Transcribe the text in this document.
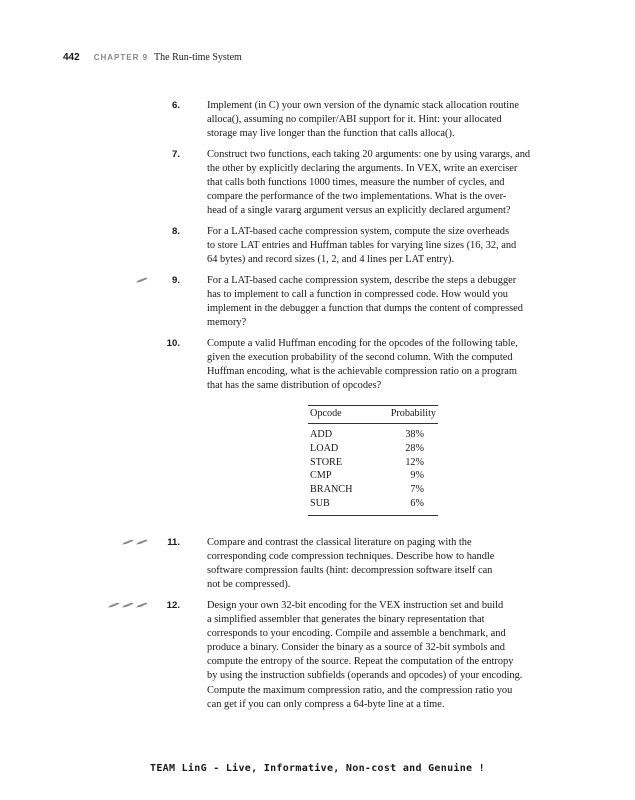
442 CHAPTER 9 The Run-time System
6.	Implement (in C) your own version of the dynamic stack allocation routine
alloca(), assuming no compiler/ABI support for it. Hint: your allocated
storage may live longer than the function that calls alloca().
7.	Construct two functions, each taking 20 arguments: one by using varargs, and
the other by explicitly declaring the arguments. In VEX, write an exerciser
that calls both functions 1000 times, measure the number of cycles, and
compare the performance of the two implementations. What is the over-
head of a single vararg argument versus an explicitly declared argument?
8.	For a LAT-based cache compression system, compute the size overheads
to store LAT entries and Huffman tables for varying line sizes (16, 32, and
64 bytes) and record sizes (1, 2, and 4 lines per LAT entry).
9.	For a LAT-based cache compression system, describe the steps a debugger
has to implement to call a function in compressed code. How would you
implement in the debugger a function that dumps the content of compressed
memory?
10.	Compute a valid Huffman encoding for the opcodes of the following table,
given the execution probability of the second column. With the computed
Huffman encoding, what is the achievable compression ratio on a program
that has the same distribution of opcodes?
Opcode	Probability
ADD	38%
LOAD	28%
STORE	12%
CMP	9%
BRANCH	7%
SUB	6%
11.	Compare and contrast the classical literature on paging with the
corresponding code compression techniques. Describe how to handle
software compression faults (hint: decompression software itself can
not be compressed).
12.	Design your own 32-bit encoding for the VEX instruction set and build
a simplified assembler that generates the binary representation that
corresponds to your encoding. Compile and assemble a benchmark, and
produce a binary. Consider the binary as a source of 32-bit symbols and
compute the entropy of the source. Repeat the computation of the entropy
by using the instruction subfields (operands and opcodes) of your encoding.
Compute the maximum compression ratio, and the compression ratio you
can get if you can only compress a 64-byte line at a time.
TEAM LinG - Live, Informative, Non-cost and Genuine !
